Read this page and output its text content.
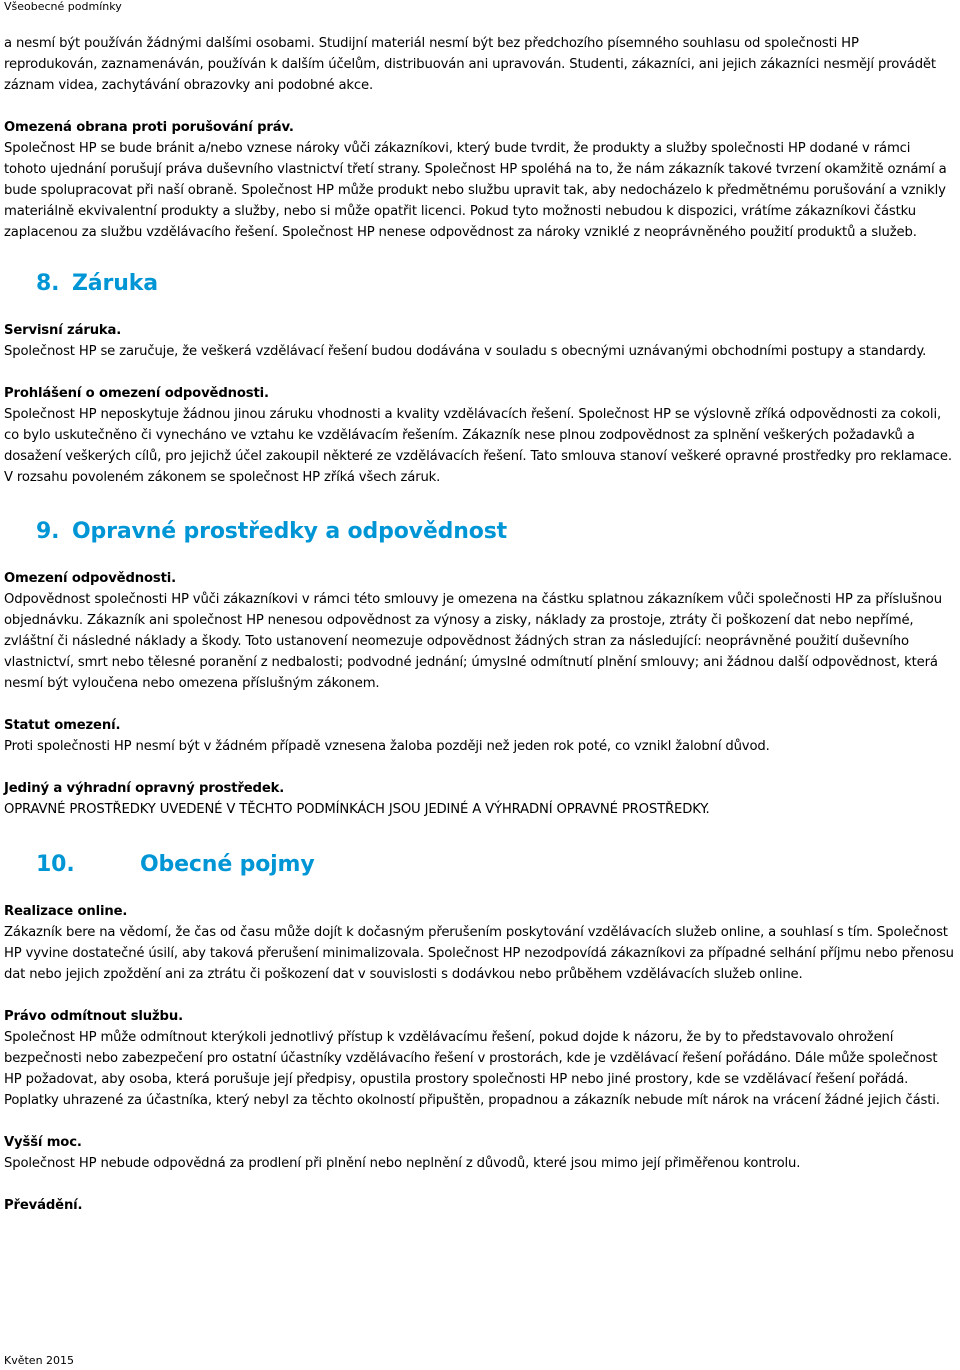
Všeobecné podmínky

a nesmí být používán žádnými dalšími osobami. Studijní materiál nesmí být bez předchozího písemného souhlasu od společnosti HP reprodukován, zaznamenáván, používán k dalším účelům, distribuován ani upravován. Studenti, zákazníci, ani jejich zákazníci nesmějí provádět záznam videa, zachytávání obrazovky ani podobné akce.

Omezená obrana proti porušování práv.

Společnost HP se bude bránit a/nebo vznese nároky vůči zákazníkovi, který bude tvrdit, že produkty a služby společnosti HP dodané v rámci tohoto ujednání porušují práva duševního vlastnictví třetí strany. Společnost HP spoléhá na to, že nám zákazník takové tvrzení okamžitě oznámí a bude spolupracovat při naší obraně. Společnost HP může produkt nebo službu upravit tak, aby nedocházelo k předmětnému porušování a vznikly materiálně ekvivalentní produkty a služby, nebo si může opatřit licenci. Pokud tyto možnosti nebudou k dispozici, vrátíme zákazníkovi částku zaplacenou za službu vzdělávacího řešení. Společnost HP nenese odpovědnost za nároky vzniklé z neoprávněného použití produktů a služeb.

8. Záruka

Servisní záruka.

Společnost HP se zaručuje, že veškerá vzdělávací řešení budou dodávána v souladu s obecnými uznávanými obchodními postupy a standardy.

Prohlášení o omezení odpovědnosti.

Společnost HP neposkytuje žádnou jinou záruku vhodnosti a kvality vzdělávacích řešení. Společnost HP se výslovně zříká odpovědnosti za cokoli, co bylo uskutečněno či vynecháno ve vztahu ke vzdělávacím řešením. Zákazník nese plnou zodpovědnost za splnění veškerých požadavků a dosažení veškerých cílů, pro jejichž účel zakoupil některé ze vzdělávacích řešení. Tato smlouva stanoví veškeré opravné prostředky pro reklamace. V rozsahu povoleném zákonem se společnost HP zříká všech záruk.

9. Opravné prostředky a odpovědnost

Omezení odpovědnosti.

Odpovědnost společnosti HP vůči zákazníkovi v rámci této smlouvy je omezena na částku splatnou zákazníkem vůči společnosti HP za příslušnou objednávku. Zákazník ani společnost HP nenesou odpovědnost za výnosy a zisky, náklady za prostoje, ztráty či poškození dat nebo nepřímé, zvláštní či následné náklady a škody. Toto ustanovení neomezuje odpovědnost žádných stran za následující: neoprávněné použití duševního vlastnictví, smrt nebo tělesné poranění z nedbalosti; podvodné jednání; úmyslné odmítnutí plnění smlouvy; ani žádnou další odpovědnost, která nesmí být vyloučena nebo omezena příslušným zákonem.

Statut omezení.

Proti společnosti HP nesmí být v žádném případě vznesena žaloba později než jeden rok poté, co vznikl žalobní důvod.

Jediný a výhradní opravný prostředek.

OPRAVNÉ PROSTŘEDKY UVEDENÉ V TĚCHTO PODMÍNKÁCH JSOU JEDINÉ A VÝHRADNÍ OPRAVNÉ PROSTŘEDKY.

10.	Obecné pojmy

Realizace online.

Zákazník bere na vědomí, že čas od času může dojít k dočasným přerušením poskytování vzdělávacích služeb online, a souhlasí s tím. Společnost HP vyvine dostatečné úsilí, aby taková přerušení minimalizovala. Společnost HP nezodpovídá zákazníkovi za případné selhání příjmu nebo přenosu dat nebo jejich zpoždění ani za ztrátu či poškození dat v souvislosti s dodávkou nebo průběhem vzdělávacích služeb online.

Právo odmítnout službu.

Společnost HP může odmítnout kterýkoli jednotlivý přístup k vzdělávacímu řešení, pokud dojde k názoru, že by to představovalo ohrožení bezpečnosti nebo zabezpečení pro ostatní účastníky vzdělávacího řešení v prostorách, kde je vzdělávací řešení pořádáno. Dále může společnost HP požadovat, aby osoba, která porušuje její předpisy, opustila prostory společnosti HP nebo jiné prostory, kde se vzdělávací řešení pořádá. Poplatky uhrazené za účastníka, který nebyl za těchto okolností připuštěn, propadnou a zákazník nebude mít nárok na vrácení žádné jejich části.

Vyšší moc.

Společnost HP nebude odpovědná za prodlení při plnění nebo neplnění z důvodů, které jsou mimo její přiměřenou kontrolu.

Převádění.

Květen 2015
